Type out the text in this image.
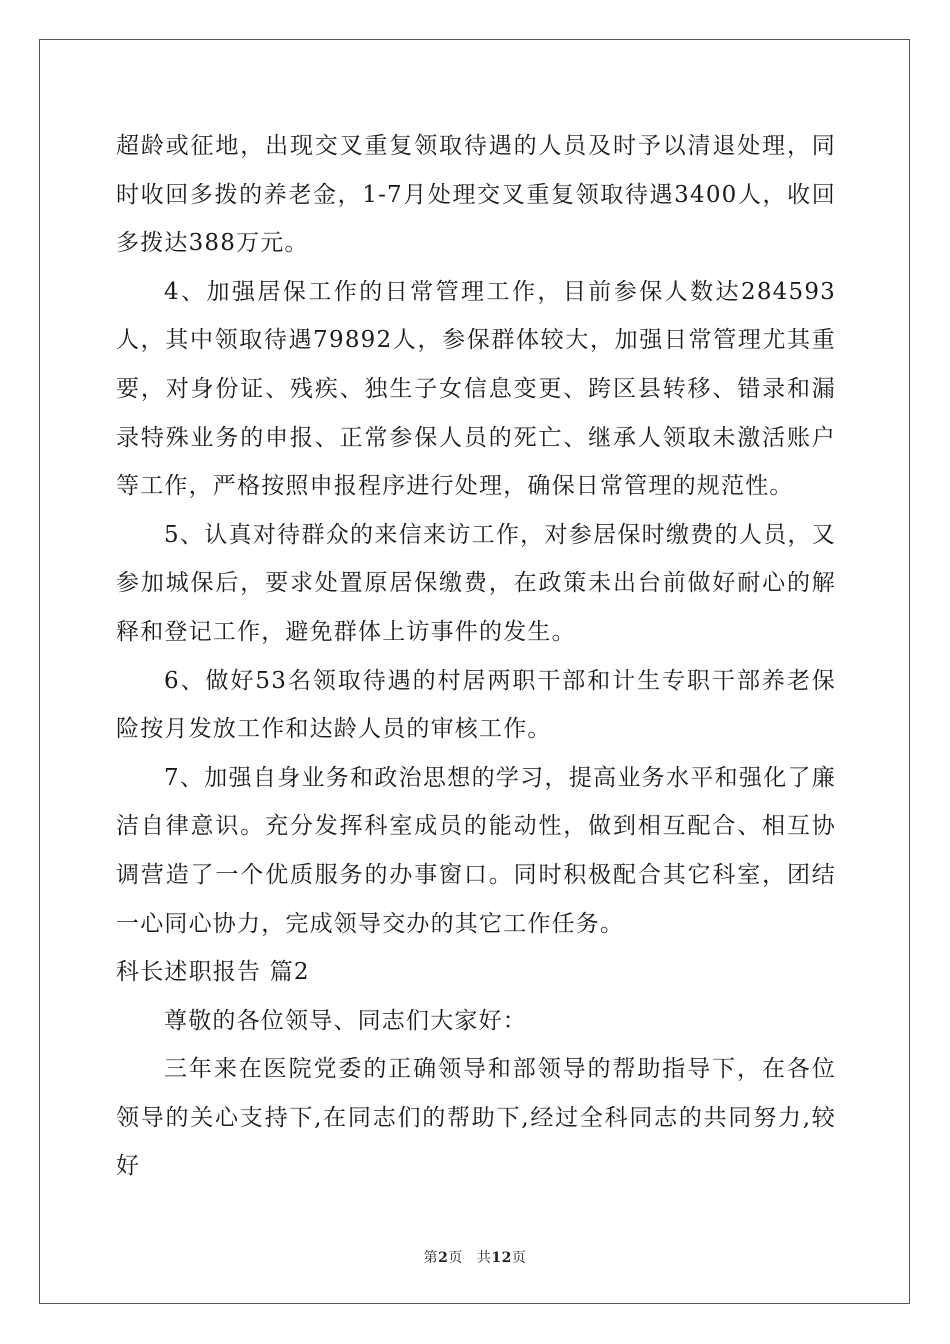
超龄或征地，出现交叉重复领取待遇的人员及时予以清退处理，同时收回多拨的养老金，1-7月处理交叉重复领取待遇3400人，收回多拨达388万元。

4、加强居保工作的日常管理工作，目前参保人数达284593人，其中领取待遇79892人，参保群体较大，加强日常管理尤其重要，对身份证、残疾、独生子女信息变更、跨区县转移、错录和漏录特殊业务的申报、正常参保人员的死亡、继承人领取未激活账户等工作，严格按照申报程序进行处理，确保日常管理的规范性。

5、认真对待群众的来信来访工作，对参居保时缴费的人员，又参加城保后，要求处置原居保缴费，在政策未出台前做好耐心的解释和登记工作，避免群体上访事件的发生。

6、做好53名领取待遇的村居两职干部和计生专职干部养老保险按月发放工作和达龄人员的审核工作。

7、加强自身业务和政治思想的学习，提高业务水平和强化了廉洁自律意识。充分发挥科室成员的能动性，做到相互配合、相互协调营造了一个优质服务的办事窗口。同时积极配合其它科室，团结一心同心协力，完成领导交办的其它工作任务。

科长述职报告 篇2

尊敬的各位领导、同志们大家好：

三年来在医院党委的正确领导和部领导的帮助指导下，在各位领导的关心支持下,在同志们的帮助下,经过全科同志的共同努力,较好

第2页 共12页
